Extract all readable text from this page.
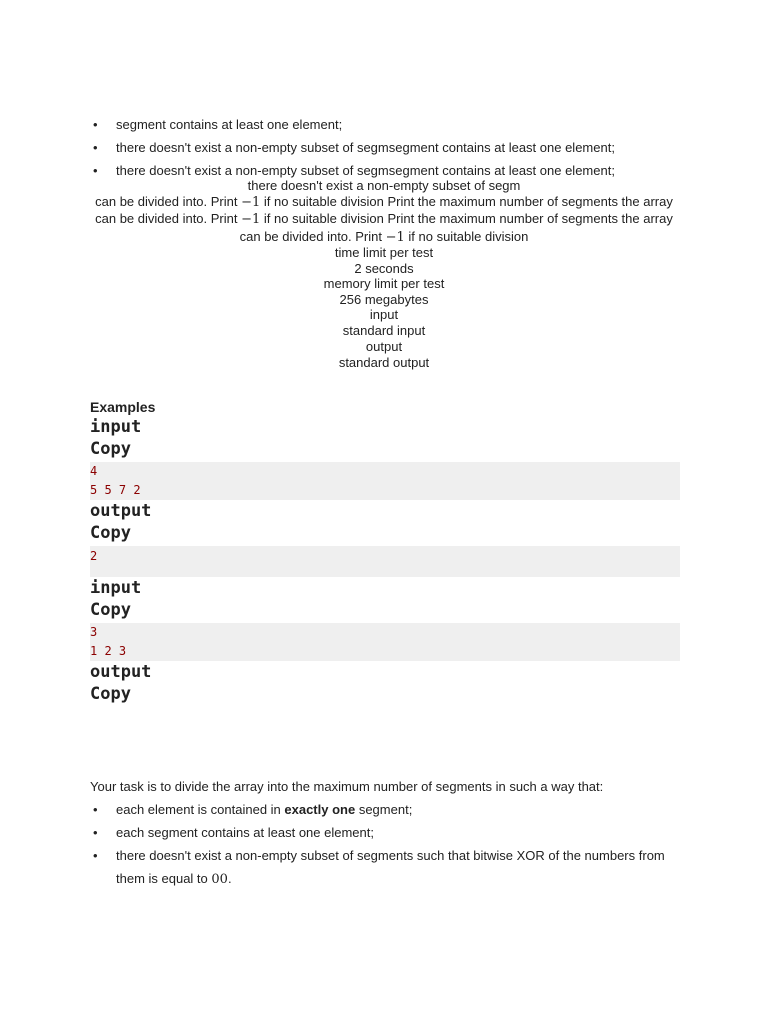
• segment contains at least one element;
• there doesn't exist a non-empty subset of segmsegment contains at least one element;
• there doesn't exist a non-empty subset of segmsegment contains at least one element;
there doesn't exist a non-empty subset of segm
can be divided into. Print −1 if no suitable division Print the maximum number of segments the array
can be divided into. Print −1 if no suitable division Print the maximum number of segments the array
can be divided into. Print −1 if no suitable division
time limit per test
2 seconds
memory limit per test
256 megabytes
input
standard input
output
standard output
Examples
input
Copy
4
5 5 7 2
output
Copy
2
input
Copy
3
1 2 3
output
Copy
Your task is to divide the array into the maximum number of segments in such a way that:
• each element is contained in exactly one segment;
• each segment contains at least one element;
• there doesn't exist a non-empty subset of segments such that bitwise XOR of the numbers from
them is equal to 00.
